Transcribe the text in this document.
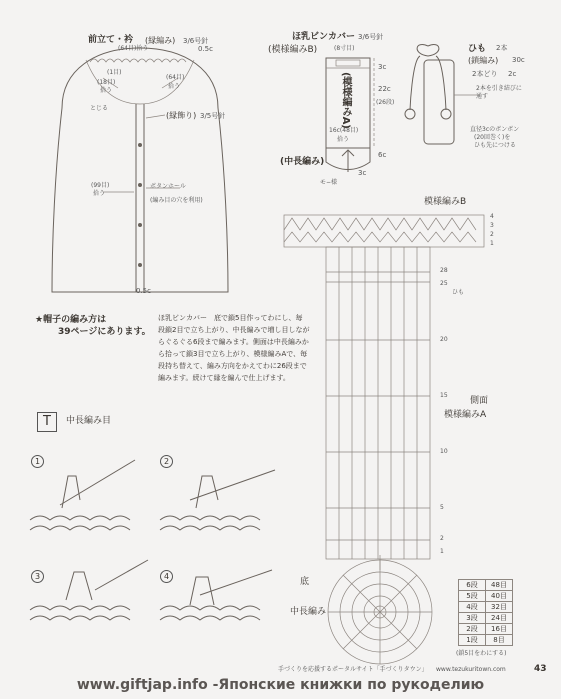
前立て・衿 (縁編み) 3/6号針
(64目)拾う	0.5c
(1目)
(18目)
拾う
(64目)
拾う
とじる
(縁飾り) 3/5号針
(99目)
拾う
ボタンホール
(編み目の穴を利用)
0.5c
ほ乳ビンカバー 3/6号針
(模様編みB)	(8寸目)
(模様編みA)	22c
(26段)
3c
6c
16c(48目)
拾う
(中長編み)
3c
モ−様
ひも 2本
(鎖編み) 30c
2本どり 2c
2本を引き結びに
通す
直径3cのボンボン
(20回巻く)を
ひも先につける
★帽子の編み方は
39ページにあります。
ほ乳ビンカバー　底で鎖5目作ってわにし、毎
段鎖2目で立ち上がり、中長編みで増し目しなが
らぐるぐる6段まで編みます。側面は中長編みか
ら拾って鎖3目で立ち上がり、模様編みAで、毎
段持ち替えて、編み方向をかえてわに26段まで
編みます。続けて縁を編んで仕上げます。
T	中長編み目
1	2
3	4
模様編みB
4
3
2
1
28
25
ひも
20
15
側面
模様編みA
10
5
2
1
底
中長編み
6段	48目
5段	40目
4段	32目
3段	24目
2段	16目
1段	8目
(鎖5目をわにする)
手づくりを応援するポータルサイト「手づくりタウン」 www.tezukuritown.com	43
www.giftjap.info -Японские книжки по рукоделию
